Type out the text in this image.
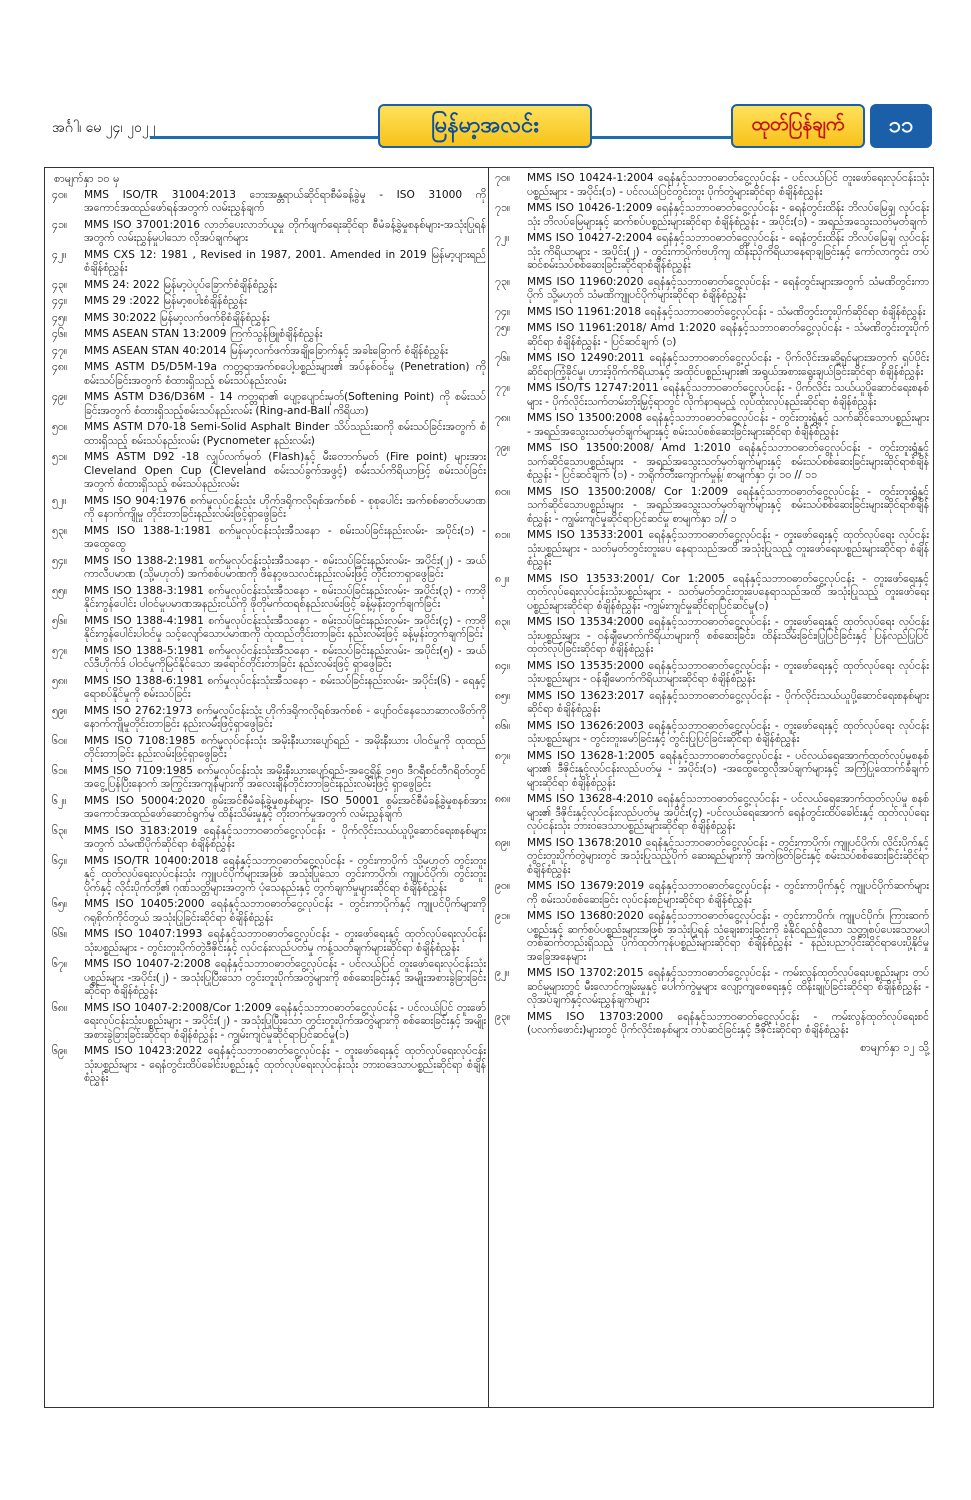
အင်္ဂါ၊ မေ ၂၄၊ ၂၀၂၂	မြန်မာ့အလင်း	ထုတ်ပြန်ချက်	၁၁
စာမျက်နှာ ၁၀ မှ
၄၀။	MMS ISO/TR 31004:2013 ဘေးအန္တရာယ်ဆိုင်ရာစီမံခန့်ခွဲမှု - ISO 31000 ကို အကောင်အထည်ဖော်ရန်အတွက် လမ်းညွှန်ချက်
၄၁။	MMS ISO 37001:2016 လာဘ်ပေးလာဘ်ယူမှု တိုက်ဖျက်ရေးဆိုင်ရာ စီမံခန့်ခွဲမှုစနစ်များ-အသုံးပြုရန်အတွက် လမ်းညွှန်မှုပါသော လိုအပ်ချက်များ
၄၂။	MMS CXS 12: 1981 , Revised in 1987, 2001. Amended in 2019 မြန်မာ့ပျားရည်စံချိန်စံညွှန်း
၄၃။	MMS 24: 2022 မြန်မာ့ပဲပုပ်ခြောက်စံချိန်စံညွှန်း
၄၄။	MMS 29 :2022 မြန်မာ့စပါးစံချိန်စံညွှန်း
၄၅။	MMS 30:2022 မြန်မာ့လက်ဖက်စိုစံချိန်စံညွှန်း
၄၆။	MMS ASEAN STAN 13:2009 ကြက်သွန်ဖြူစံချိန်စံညွှန်း
၄၇။	MMS ASEAN STAN 40:2014 မြန်မာ့လက်ဖက်အချိုခြောက်နှင့် အခါးခြောက် စံချိန်စံညွှန်း
၄၈။	MMS ASTM D5/D5M-19a ကတ္တရာအက်စပေါ့ပစ္စည်းများ၏ အပ်နစ်ဝင်မှု (Penetration) ကို စမ်းသပ်ခြင်းအတွက် စံထားရှိသည့် စမ်းသပ်နည်းလမ်း
၄၉။	MMS ASTM D36/D36M - 14 ကတ္တရာ၏ ပျော့ပျောင်းမှတ်(Softening Point) ကို စမ်းသပ်ခြင်းအတွက် စံထားရှိသည့်စမ်းသပ်နည်းလမ်း (Ring-and-Ball ကိရိယာ)
၅၀။	MMS ASTM D70-18 Semi-Solid Asphalt Binder သိပ်သည်းဆကို စမ်းသပ်ခြင်းအတွက် စံထားရှိသည့် စမ်းသပ်နည်းလမ်း (Pycnometer နည်းလမ်း)
၅၁။	MMS ASTM D92 -18 လျှပ်လက်မှတ် (Flash)နှင့် မီးတောက်မှတ် (Fire point) များအား Cleveland Open Cup (Cleveland စမ်းသပ်ခွက်အဖွင့်) စမ်းသပ်ကိရိယာဖြင့် စမ်းသပ်ခြင်းအတွက် စံထားရှိသည့် စမ်းသပ်နည်းလမ်း
၅၂။	MMS ISO 904:1976 စက်မှုလုပ်ငန်းသုံး ဟိုက်ဒရိုကလိုရစ်အက်စစ် - စုစုပေါင်း အက်စစ်ဓာတ်ပမာဏကို နောက်ကျိုမှု တိုင်းတာခြင်းနည်းလမ်းဖြင့်ရှာဖွေခြင်း
၅၃။	MMS ISO 1388-1:1981 စက်မှုလုပ်ငန်းသုံးအီသနော - စမ်းသပ်ခြင်းနည်းလမ်း- အပိုင်း(၁) - အထွေထွေ
၅၄။	MMS ISO 1388-2:1981 စက်မှုလုပ်ငန်းသုံးအီသနော - စမ်းသပ်ခြင်းနည်းလမ်း- အပိုင်း(၂) - အယ်ကာလီပမာဏ (သို့မဟုတ်) အက်စစ်ပမာဏကို ဖီနော့ဖသလင်းနည်းလမ်းဖြင့် တိုင်းတာရှာဖွေခြင်း
၅၅။	MMS ISO 1388-3:1981 စက်မှုလုပ်ငန်းသုံးအီသနော - စမ်းသပ်ခြင်းနည်းလမ်း- အပိုင်း(၃) - ကာဗိုနိုင်းကွန်ပေါင်း ပါဝင်မှုပမာဏအနည်းငယ်ကို ဖိုတိုမက်ထရစ်နည်းလမ်းဖြင့် ခန့်မှန်းတွက်ချက်ခြင်း
၅၆။	MMS ISO 1388-4:1981 စက်မှုလုပ်ငန်းသုံးအီသနော - စမ်းသပ်ခြင်းနည်းလမ်း- အပိုင်း(၄) - ကာဗိုနိုင်းကွန်ပေါင်းပါဝင်မှု သင့်လျော်သောပမာဏကို ထုထည်တိုင်းတာခြင်း နည်းလမ်းဖြင့် ခန့်မှန်းတွက်ချက်ခြင်း
၅၇။	MMS ISO 1388-5:1981 စက်မှုလုပ်ငန်းသုံးအီသနော - စမ်းသပ်ခြင်းနည်းလမ်း- အပိုင်း(၅) - အယ်လ်ဒီဟိုက်ဒ် ပါဝင်မှုကိုမြင်နိုင်သော အရောင်တိုင်းတာခြင်း နည်းလမ်းဖြင့် ရှာဖွေခြင်း
၅၈။	MMS ISO 1388-6:1981 စက်မှုလုပ်ငန်းသုံးအီသနော - စမ်းသပ်ခြင်းနည်းလမ်း- အပိုင်း(၆) - ရေနှင့်ရောစပ်နိုင်မှုကို စမ်းသပ်ခြင်း
၅၉။	MMS ISO 2762:1973 စက်မှုလုပ်ငန်းသုံး ဟိုက်ဒရိုကလိုရစ်အက်စစ် - ပျော်ဝင်နေသောဆာလဖိတ်ကို နောက်ကျိုမှုတိုင်းတာခြင်း နည်းလမ်းဖြင့်ရှာဖွေခြင်း
၆၀။	MMS ISO 7108:1985 စက်မှုလုပ်ငန်းသုံး အမိုးနီးယားပျော်ရည် - အမိုးနီးယား ပါဝင်မှုကို ထုထည်တိုင်းတာခြင်း နည်းလမ်းဖြင့်ရှာဖွေခြင်း
၆၁။	MMS ISO 7109:1985 စက်မှုလုပ်ငန်းသုံး အမိုးနီးယားပျော်ရည်-အငွေ့ရှိန် ၁၅၀ ဒီဂရီစင်တီဂရိတ်တွင် အငွေ့ပြန်ပြီးနောက် အကြွင်းအကျန်များကို အလေးချိန်တိုင်းတာခြင်းနည်းလမ်းဖြင့် ရှာဖွေခြင်း
၆၂။	MMS ISO 50004:2020 စွမ်းအင်စီမံခန့်ခွဲမှုစနစ်များ- ISO 50001 စွမ်းအင်စီမံခန့်ခွဲမှုစနစ်အား အကောင်အထည်ဖော်ဆောင်ရွက်မှု ထိန်းသိမ်းမှုနှင့် တိုးတက်မှုအတွက် လမ်းညွှန်ချက်
၆၃။	MMS ISO 3183:2019 ရေနံနှင့်သဘာဝဓာတ်ငွေ့လုပ်ငန်း - ပိုက်လိုင်းသယ်ယူပို့ဆောင်ရေးစနစ်များအတွက် သံမဏိပိုက်ဆိုင်ရာ စံချိန်စံညွှန်း
၆၄။	MMS ISO/TR 10400:2018 ရေနံနှင့်သဘာဝဓာတ်ငွေ့လုပ်ငန်း - တွင်းကာပိုက် သို့မဟုတ် တွင်းတူးနှင့် ထုတ်လုပ်ရေးလုပ်ငန်းသုံး ကျူပင်ပိုက်များအဖြစ် အသုံးပြုသော တွင်းကာပိုက်၊ ကျူပင်ပိုက်၊ တွင်းတူးပိုက်နှင့် လိုင်းပိုက်တို့၏ ဂုဏ်သတ္တိများအတွက် ပုံသေနည်းနှင့် တွက်ချက်မှုများဆိုင်ရာ စံချိန်စံညွှန်း
၆၅။	MMS ISO 10405:2000 ရေနံနှင့်သဘာဝဓာတ်ငွေ့လုပ်ငန်း - တွင်းကာပိုက်နှင့် ကျူပင်ပိုက်များကို ဂရုစိုက်ကိုင်တွယ် အသုံးပြုခြင်းဆိုင်ရာ စံချိန်စံညွှန်း
၆၆။	MMS ISO 10407:1993 ရေနံနှင့်သဘာဝဓာတ်ငွေ့လုပ်ငန်း - တူးဖော်ရေးနှင့် ထုတ်လုပ်ရေးလုပ်ငန်းသုံးပစ္စည်းများ - တွင်းတူးပိုက်တွဲဒီဇိုင်းနှင့် လုပ်ငန်းလည်ပတ်မှု ကန့်သတ်ချက်များဆိုင်ရာ စံချိန်စံညွှန်း
၆၇။	MMS ISO 10407-2:2008 ရေနံနှင့်သဘာဝဓာတ်ငွေ့လုပ်ငန်း - ပင်လယ်ပြင် တူးဖော်ရေးလုပ်ငန်းသုံးပစ္စည်းများ -အပိုင်း(၂) - အသုံးပြုပြီးသော တွင်းတူးပိုက်အတွဲများကို စစ်ဆေးခြင်းနှင့် အမျိုးအစားခွဲခြားခြင်းဆိုင်ရာ စံချိန်စံညွှန်း
၆၈။	MMS ISO 10407-2:2008/Cor 1:2009 ရေနံနှင့်သဘာဝဓာတ်ငွေ့လုပ်ငန်း - ပင်လယ်ပြင် တူးဖော်ရေးလုပ်ငန်းသုံးပစ္စည်းများ - အပိုင်း(၂) - အသုံးပြုပြီးသော တွင်းတူးပိုက်အတွဲများကို စစ်ဆေးခြင်းနှင့် အမျိုးအစားခွဲခြားခြင်းဆိုင်ရာ စံချိန်စံညွှန်း - ကျွမ်းကျင်မှုဆိုင်ရာပြင်ဆင်မှု(၁)
၆၉။	MMS ISO 10423:2022 ရေနံနှင့်သဘာဝဓာတ်ငွေ့လုပ်ငန်း - တူးဖော်ရေးနှင့် ထုတ်လုပ်ရေးလုပ်ငန်းသုံးပစ္စည်းများ - ရေနံတွင်းထိပ်ခေါင်းပစ္စည်းနှင့် ထုတ်လုပ်ရေးလုပ်ငန်းသုံး ဘားဝဒေသာပစ္စည်းဆိုင်ရာ စံချိန်စံညွှန်း
၇၀။	MMS ISO 10424-1:2004 ရေနံနှင့်သဘာဝဓာတ်ငွေ့လုပ်ငန်း - ပင်လယ်ပြင် တူးဖော်ရေးလုပ်ငန်းသုံးပစ္စည်းများ - အပိုင်း(၁) - ပင်လယ်ပြင်တွင်းတူး ပိုက်တွဲများဆိုင်ရာ စံချိန်စံညွှန်း
၇၁။	MMS ISO 10426-1:2009 ရေနံနှင့်သဘာဝဓာတ်ငွေ့လုပ်ငန်း - ရေနံတွင်းထိန်း ဘိလပ်မြေချ လုပ်ငန်းသုံး ဘိလပ်မြေများနှင့် ဆက်စပ်ပစ္စည်းများဆိုင်ရာ စံချိန်စံညွှန်း - အပိုင်း(၁) - အရည်အသွေးသတ်မှတ်ချက်
၇၂။	MMS ISO 10427-2:2004 ရေနံနှင့်သဘာဝဓာတ်ငွေ့လုပ်ငန်း - ရေနံတွင်းထိန်း ဘိလပ်မြေချ လုပ်ငန်းသုံး ကိရိယာများ - အပိုင်း(၂) - တွင်းကာပိုက်ဗဟိုကျ ထိန်းညှိကိရိယာနေရာချခြင်းနှင့် ကော်လာကွင်း တပ်ဆင်စမ်းသပ်စစ်ဆေးခြင်းဆိုင်ရာစံချိန်စံညွှန်း
၇၃။	MMS ISO 11960:2020 ရေနံနှင့်သဘာဝဓာတ်ငွေ့လုပ်ငန်း - ရေနံတွင်းများအတွက် သံမဏိတွင်းကာပိုက် သို့မဟုတ် သံမဏိကျူပင်ပိုက်များဆိုင်ရာ စံချိန်စံညွှန်း
၇၄။	MMS ISO 11961:2018 ရေနံနှင့်သဘာဝဓာတ်ငွေ့လုပ်ငန်း - သံမဏိတွင်းတူးပိုက်ဆိုင်ရာ စံချိန်စံညွှန်း
၇၅။	MMS ISO 11961:2018/ Amd 1:2020 ရေနံနှင့်သဘာဝဓာတ်ငွေ့လုပ်ငန်း - သံမဏိတွင်းတူးပိုက်ဆိုင်ရာ စံချိန်စံညွှန်း - ပြင်ဆင်ချက် (၁)
၇၆။	MMS ISO 12490:2011 ရေနံနှင့်သဘာဝဓာတ်ငွေ့လုပ်ငန်း - ပိုက်လိုင်းအဆို့ရှင်များအတွက် ရှပ်ပိုင်းဆိုင်ရာကြံ့ခိုင်မှု၊ ဟားဒ့်ဝိုက်ကိရိယာနှင့် အထိုင်ပစ္စည်းများ၏ အရွယ်အစားရွေးချယ်ခြင်းဆိုင်ရာ စံချိန်စံညွှန်း
၇၇။	MMS ISO/TS 12747:2011 ရေနံနှင့်သဘာဝဓာတ်ငွေ့လုပ်ငန်း - ပိုက်လိုင်း သယ်ယူပို့ဆောင်ရေးစနစ်များ - ပိုက်လိုင်းသက်တမ်းတိုးမြှင့်ရာတွင် လိုက်နာရမည့် လုပ်ထုံးလုပ်နည်းဆိုင်ရာ စံချိန်စံညွှန်း
၇၈။	MMS ISO 13500:2008 ရေနံနှင့်သဘာဝဓာတ်ငွေ့လုပ်ငန်း - တွင်းတူးရွှံ့နှင့် သက်ဆိုင်သောပစ္စည်းများ - အရည်အသွေးသတ်မှတ်ချက်များနှင့် စမ်းသပ်စစ်ဆေးခြင်းများဆိုင်ရာ စံချိန်စံညွှန်း
၇၉။	MMS ISO 13500:2008/ Amd 1:2010 ရေနံနှင့်သဘာဝဓာတ်ငွေ့လုပ်ငန်း - တွင်းတူးရွှံ့နှင့် သက်ဆိုင်သောပစ္စည်းများ - အရည်အသွေးသတ်မှတ်ချက်များနှင့် စမ်းသပ်စစ်ဆေးခြင်းများဆိုင်ရာစံချိန်စံညွှန်း - ပြင်ဆင်ချက် (၁) - ဘရိုက်တီးကျောက်မှုန့်၊ စာမျက်နှာ ၄၊ ၁၀ // ၁၁
၈၀။	MMS ISO 13500:2008/ Cor 1:2009 ရေနံနှင့်သဘာဝဓာတ်ငွေ့လုပ်ငန်း - တွင်းတူးရွှံ့နှင့် သက်ဆိုင်သောပစ္စည်းများ - အရည်အသွေးသတ်မှတ်ချက်များနှင့် စမ်းသပ်စစ်ဆေးခြင်းများဆိုင်ရာစံချိန်စံညွှန်း - ကျွမ်းကျင်မှုဆိုင်ရာပြင်ဆင်မှု စာမျက်နှာ ၁// ၁
၈၁။	MMS ISO 13533:2001 ရေနံနှင့်သဘာဝဓာတ်ငွေ့လုပ်ငန်း - တူးဖော်ရေးနှင့် ထုတ်လုပ်ရေး လုပ်ငန်းသုံးပစ္စည်းများ - သတ်မှတ်တွင်းတူးပေ နေရာသည်အထိ အသုံးပြုသည့် တူးဖော်ရေးပစ္စည်းများဆိုင်ရာ စံချိန်စံညွှန်း
၈၂။	MMS ISO 13533:2001/ Cor 1:2005 ရေနံနှင့်သဘာဝဓာတ်ငွေ့လုပ်ငန်း - တူးဖော်ရေးနှင့် ထုတ်လုပ်ရေးလုပ်ငန်းသုံးပစ္စည်းများ - သတ်မှတ်တွင်းတူးပေနေရာသည်အထိ အသုံးပြုသည့် တူးဖော်ရေးပစ္စည်းများဆိုင်ရာ စံချိန်စံညွှန်း -ကျွမ်းကျင်မှုဆိုင်ရာပြင်ဆင်မှု(၁)
၈၃။	MMS ISO 13534:2000 ရေနံနှင့်သဘာဝဓာတ်ငွေ့လုပ်ငန်း - တူးဖော်ရေးနှင့် ထုတ်လုပ်ရေး လုပ်ငန်းသုံးပစ္စည်းများ - ဝန်ချီမောက်ကိရိယာများကို စစ်ဆေးခြင်း၊ ထိန်းသိမ်းခြင်း၊ပြုပြင်ခြင်းနှင့် ပြန်လည်ပြုပြင်ထုတ်လုပ်ခြင်းဆိုင်ရာ စံချိန်စံညွှန်း
၈၄။	MMS ISO 13535:2000 ရေနံနှင့်သဘာဝဓာတ်ငွေ့လုပ်ငန်း - တူးဖော်ရေးနှင့် ထုတ်လုပ်ရေး လုပ်ငန်းသုံးပစ္စည်းများ - ဝန်ချီမောက်ကိရိယာများဆိုင်ရာ စံချိန်စံညွှန်း
၈၅။	MMS ISO 13623:2017 ရေနံနှင့်သဘာဝဓာတ်ငွေ့လုပ်ငန်း - ပိုက်လိုင်းသယ်ယူပို့ဆောင်ရေးစနစ်များဆိုင်ရာ စံချိန်စံညွှန်း
၈၆။	MMS ISO 13626:2003 ရေနံနှင့်သဘာဝဓာတ်ငွေ့လုပ်ငန်း - တူးဖော်ရေးနှင့် ထုတ်လုပ်ရေး လုပ်ငန်းသုံးပစ္စည်းများ - တွင်းတူးမော်ခြင်းနှင့် တွင်းပြုပြင်ခြင်းဆိုင်ရာ စံချိန်စံညွှန်း
၈၇။	MMS ISO 13628-1:2005 ရေနံနှင့်သဘာဝဓာတ်ငွေ့လုပ်ငန်း - ပင်လယ်ရေအောက်ထုတ်လုပ်မှုစနစ်များ၏ ဒီဇိုင်းနှင့်လုပ်ငန်းလည်ပတ်မှု - အပိုင်း(၁) -အထွေထွေလိုအပ်ချက်များနှင့် အကြံပြုထောက်ခံချက်များဆိုင်ရာ စံချိန်စံညွှန်း
၈၈။	MMS ISO 13628-4:2010 ရေနံနှင့်သဘာဝဓာတ်ငွေ့လုပ်ငန်း - ပင်လယ်ရေအောက်ထုတ်လုပ်မှု စနစ်များ၏ ဒီဇိုင်းနှင့်လုပ်ငန်းလည်ပတ်မှု အပိုင်း(၄) -ပင်လယ်ရေအောက် ရေနံတွင်းထိပ်ခေါင်းနှင့် ထုတ်လုပ်ရေးလုပ်ငန်းသုံး ဘားဝဒေသာပစ္စည်းများဆိုင်ရာ စံချိန်စံညွှန်း
၈၉။	MMS ISO 13678:2010 ရေနံနှင့်သဘာဝဓာတ်ငွေ့လုပ်ငန်း - တွင်းကာပိုက်၊ ကျူပင်ပိုက်၊ လိုင်းပိုက်နှင့် တွင်းတူးပိုက်တွဲများတွင် အသုံးပြုသည့်ပိုက် ဆေးရည်များကို အကဲဖြတ်ခြင်းနှင့် စမ်းသပ်စစ်ဆေးခြင်းဆိုင်ရာစံချိန်စံညွှန်း
၉၀။	MMS ISO 13679:2019 ရေနံနှင့်သဘာဝဓာတ်ငွေ့လုပ်ငန်း - တွင်းကာပိုက်နှင့် ကျူပင်ပိုက်ဆက်များကို စမ်းသပ်စစ်ဆေးခြင်း လုပ်ငန်းစဉ်များဆိုင်ရာ စံချိန်စံညွှန်း
၉၁။	MMS ISO 13680:2020 ရေနံနှင့်သဘာဝဓာတ်ငွေ့လုပ်ငန်း - တွင်းကာပိုက်၊ ကျူပင်ပိုက်၊ ကြားဆက်ပစ္စည်းနှင့် ဆက်စပ်ပစ္စည်းများအဖြစ် အသုံးပြုရန် သံချေးစားခြင်းကို ခံနိုင်ရည်ရှိသော သတ္တုစပ်ပေးသောမပါ တစ်ဆက်တည်းရှိသည့် ပိုက်ထုတ်ကုန်ပစ္စည်းများဆိုင်ရာ စံချိန်စံညွှန်း - နည်းပညာပိုင်းဆိုင်ရာပေးပို့နိုင်မှု အခြေအနေများ
၉၂။	MMS ISO 13702:2015 ရေနံနှင့်သဘာဝဓာတ်ငွေ့လုပ်ငန်း - ကမ်းလွန်ထုတ်လုပ်ရေးပစ္စည်းများ တပ်ဆင်မှုများတွင် မီးလောင်ကျွမ်းမှုနှင့် ပေါက်ကွဲမှုများ လျော့ကျစေရေးနှင့် ထိန်းချုပ်ခြင်းဆိုင်ရာ စံချိန်စံညွှန်း - လိုအပ်ချက်နှင့်လမ်းညွှန်ချက်များ
၉၃။	MMS ISO 13703:2000 ရေနံနှင့်သဘာဝဓာတ်ငွေ့လုပ်ငန်း - ကမ်းလွန်ထုတ်လုပ်ရေးစင် (ပလက်ဖောင်း)များတွင် ပိုက်လိုင်းစနစ်များ တပ်ဆင်ခြင်းနှင့် ဒီဇိုင်းဆိုင်ရာ စံချိန်စံညွှန်း
စာမျက်နှာ ၁၂ သို့
